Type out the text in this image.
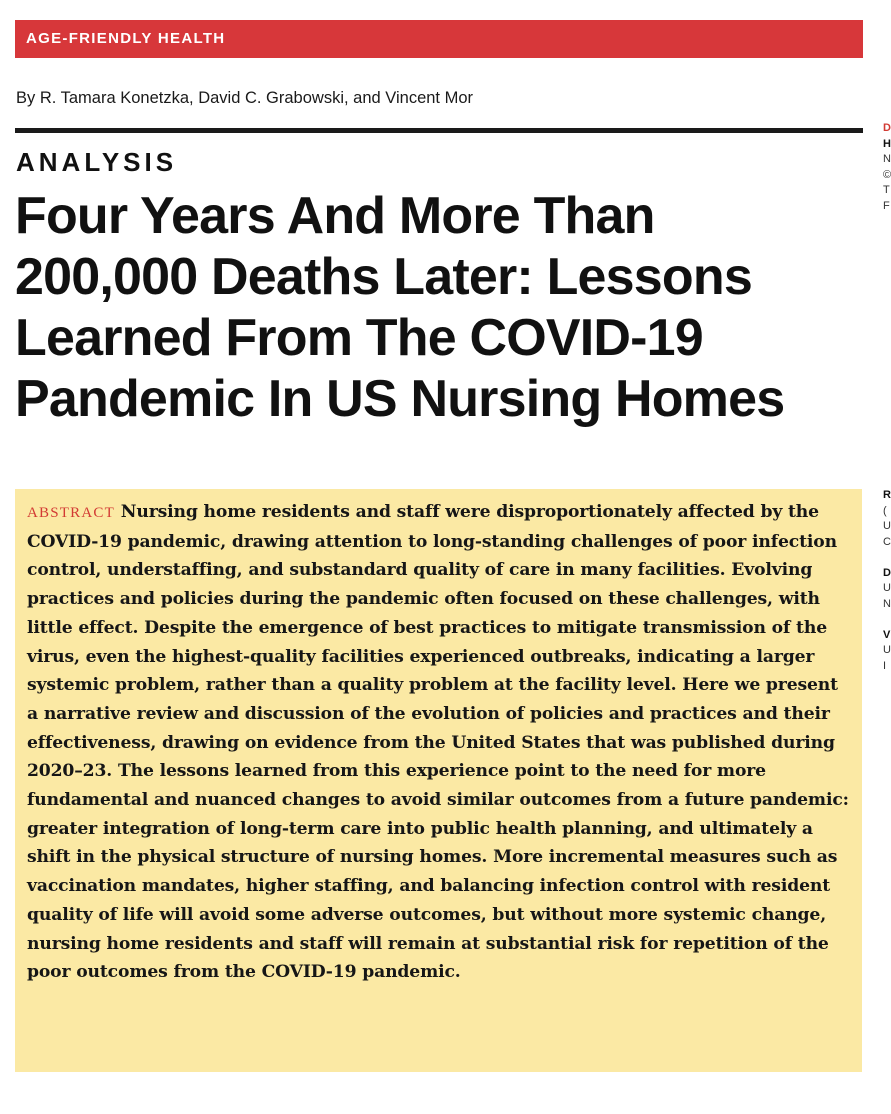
AGE-FRIENDLY HEALTH
By R. Tamara Konetzka, David C. Grabowski, and Vincent Mor
ANALYSIS
Four Years And More Than 200,000 Deaths Later: Lessons Learned From The COVID-19 Pandemic In US Nursing Homes
ABSTRACT Nursing home residents and staff were disproportionately affected by the COVID-19 pandemic, drawing attention to long-standing challenges of poor infection control, understaffing, and substandard quality of care in many facilities. Evolving practices and policies during the pandemic often focused on these challenges, with little effect. Despite the emergence of best practices to mitigate transmission of the virus, even the highest-quality facilities experienced outbreaks, indicating a larger systemic problem, rather than a quality problem at the facility level. Here we present a narrative review and discussion of the evolution of policies and practices and their effectiveness, drawing on evidence from the United States that was published during 2020–23. The lessons learned from this experience point to the need for more fundamental and nuanced changes to avoid similar outcomes from a future pandemic: greater integration of long-term care into public health planning, and ultimately a shift in the physical structure of nursing homes. More incremental measures such as vaccination mandates, higher staffing, and balancing infection control with resident quality of life will avoid some adverse outcomes, but without more systemic change, nursing home residents and staff will remain at substantial risk for repetition of the poor outcomes from the COVID-19 pandemic.
D
H
N
©
T
F
R
(
U
C
D
U
N
V
U
I
